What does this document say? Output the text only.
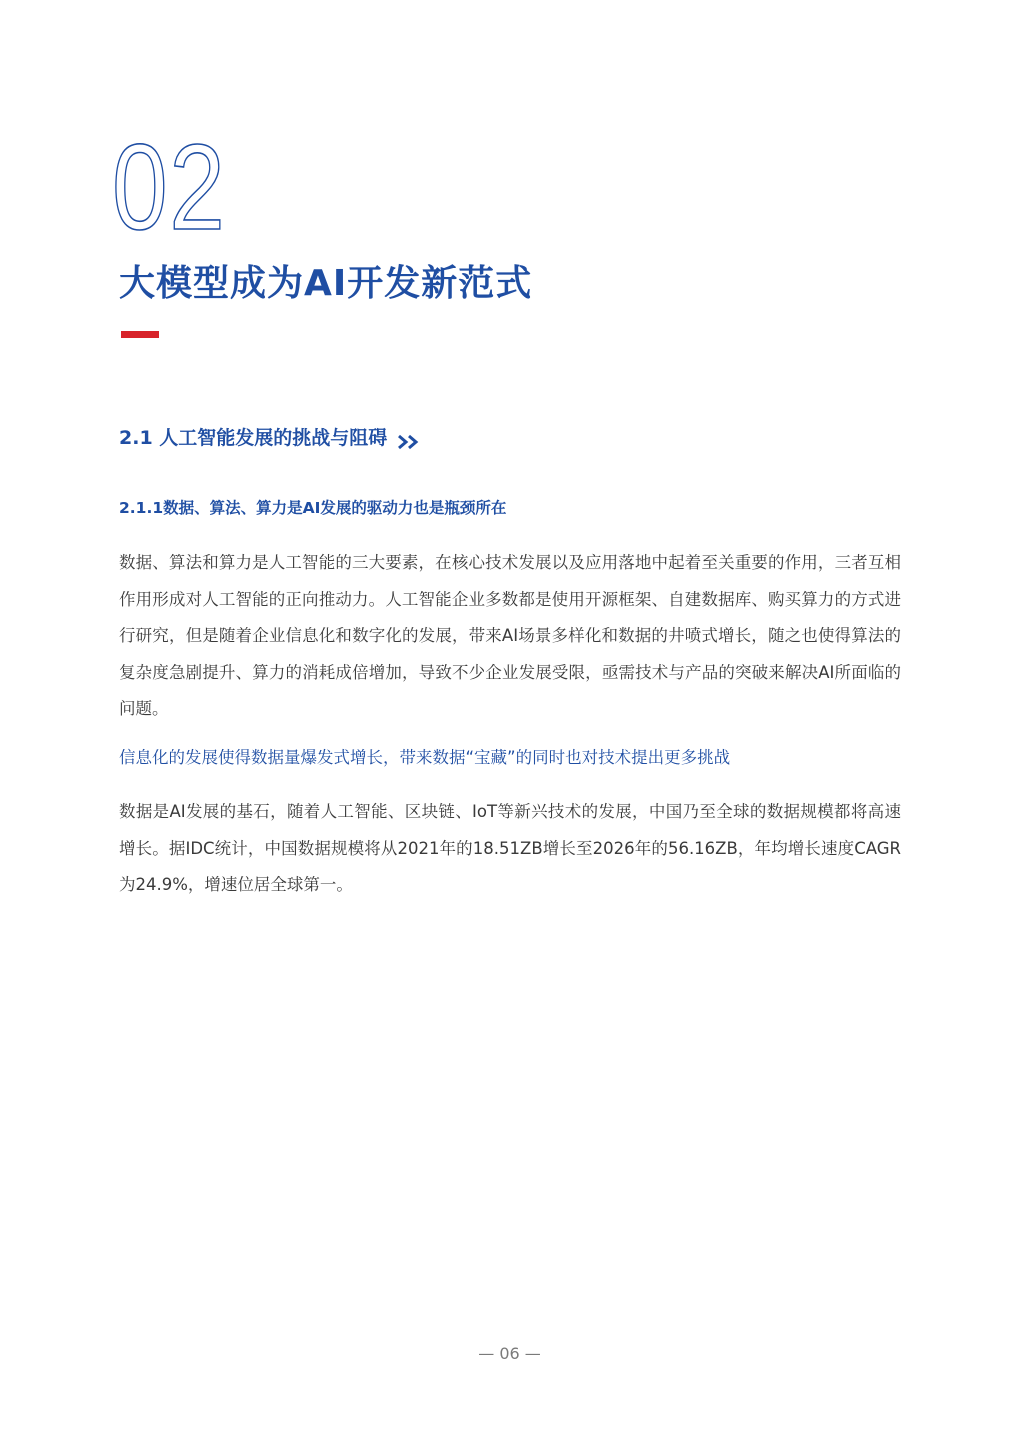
02
大模型成为AI开发新范式
2.1 人工智能发展的挑战与阻碍
2.1.1数据、算法、算力是AI发展的驱动力也是瓶颈所在
数据、算法和算力是人工智能的三大要素，在核心技术发展以及应用落地中起着至关重要的作用，三者互相作用形成对人工智能的正向推动力。人工智能企业多数都是使用开源框架、自建数据库、购买算力的方式进行研究，但是随着企业信息化和数字化的发展，带来AI场景多样化和数据的井喷式增长，随之也使得算法的复杂度急剧提升、算力的消耗成倍增加，导致不少企业发展受限，亟需技术与产品的突破来解决AI所面临的问题。
信息化的发展使得数据量爆发式增长，带来数据“宝藏”的同时也对技术提出更多挑战
数据是AI发展的基石，随着人工智能、区块链、IoT等新兴技术的发展，中国乃至全球的数据规模都将高速增长。据IDC统计，中国数据规模将从2021年的18.51ZB增长至2026年的56.16ZB，年均增长速度CAGR为24.9%，增速位居全球第一。
— 06 —
